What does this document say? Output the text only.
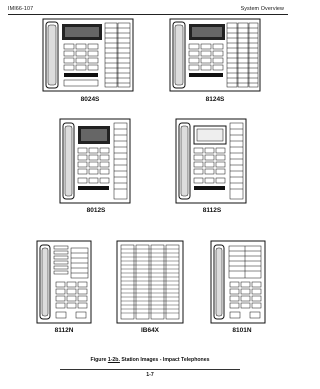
IMI66-107	System Overview
8024S	8124S
8012S	8112S
8112N	IB64X	8101N
Figure 1-2b. Station Images - Impact Telephones
1-7
